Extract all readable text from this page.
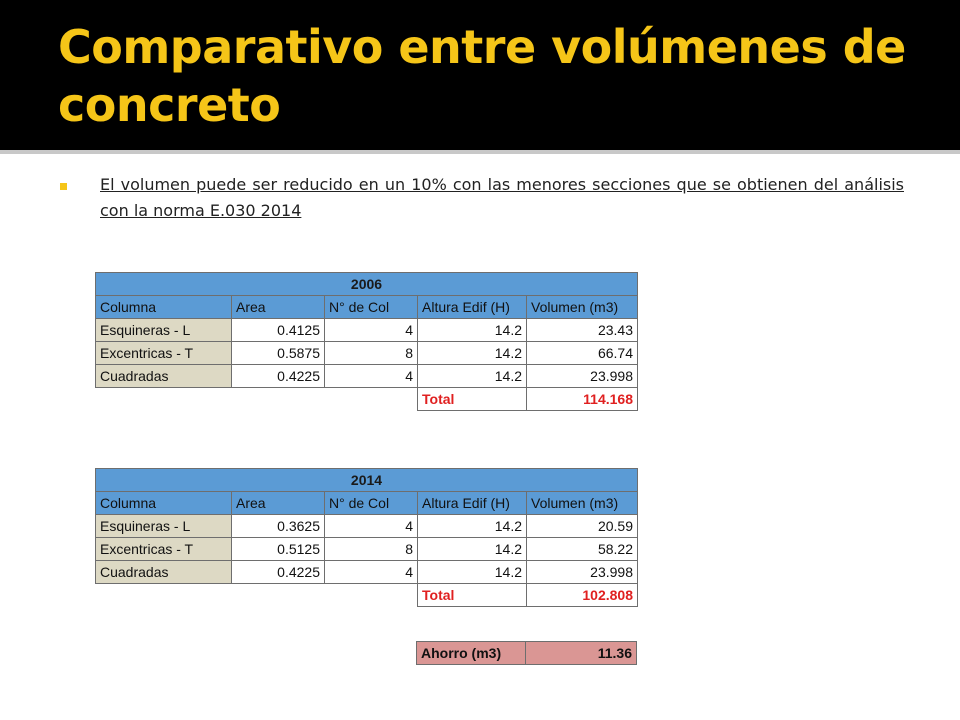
Comparativo entre volúmenes de concreto
El volumen puede ser reducido en un 10% con las menores secciones que se obtienen del análisis con la norma E.030 2014
2006				
Columna	Area	N° de Col	Altura Edif (H)	Volumen (m3)
Esquineras - L	0.4125	4	14.2	23.43
Excentricas - T	0.5875	8	14.2	66.74
Cuadradas	0.4225	4	14.2	23.998
			Total	114.168
2014				
Columna	Area	N° de Col	Altura Edif (H)	Volumen (m3)
Esquineras - L	0.3625	4	14.2	20.59
Excentricas - T	0.5125	8	14.2	58.22
Cuadradas	0.4225	4	14.2	23.998
			Total	102.808
Ahorro (m3)	11.36
